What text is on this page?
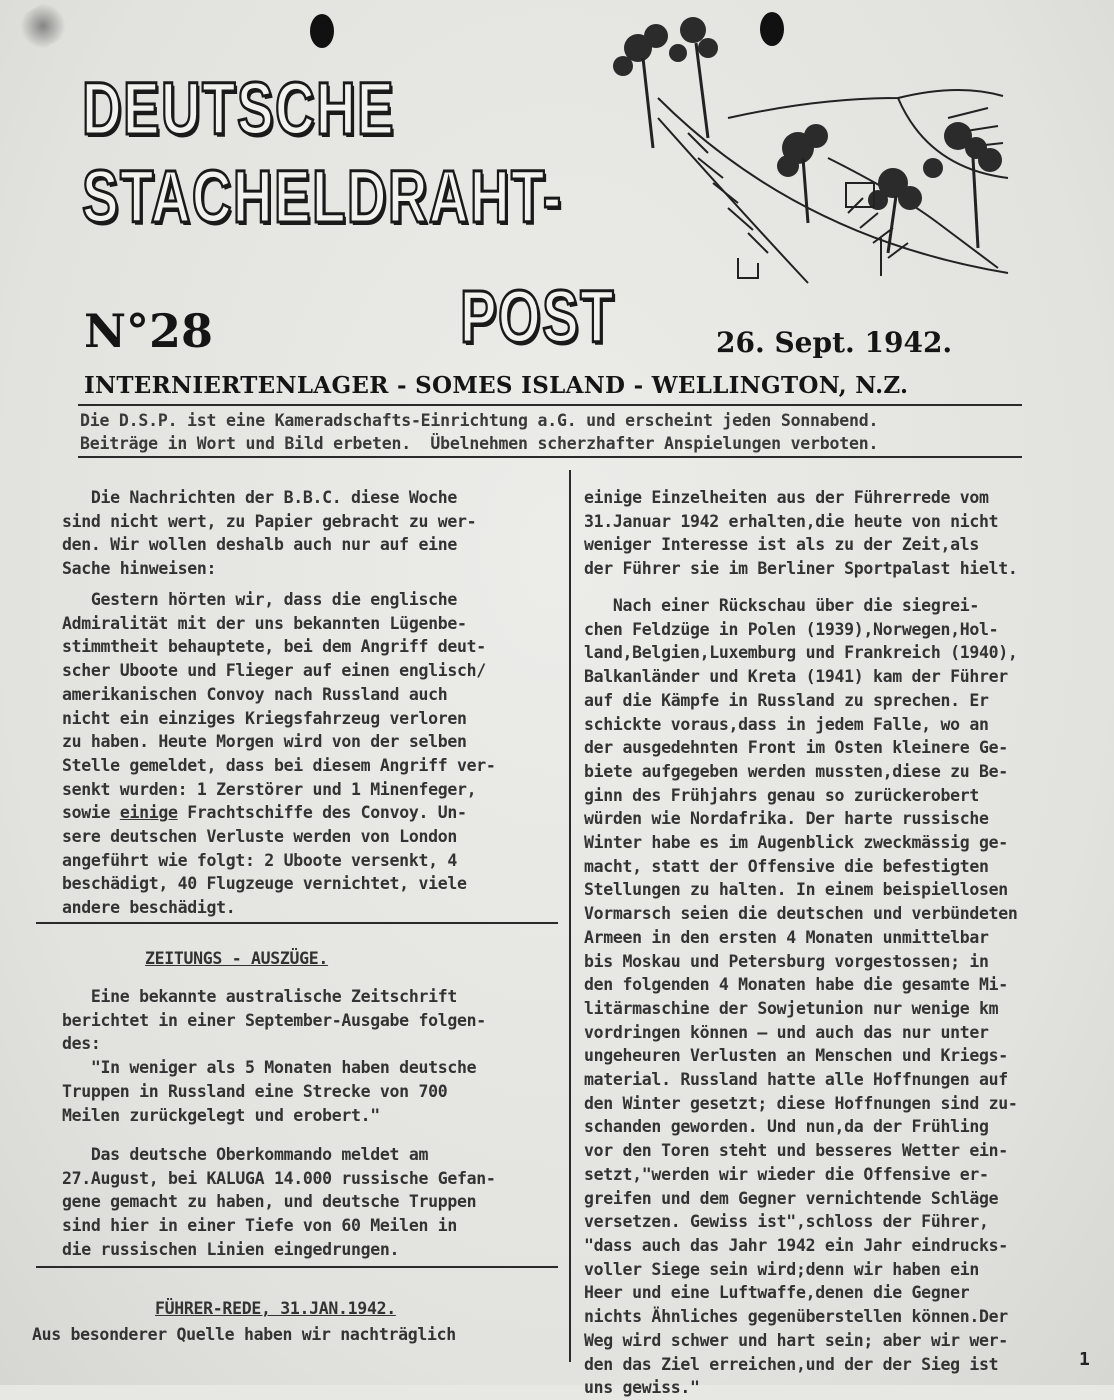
DEUTSCHE
STACHELDRAHT-
POST
N°28	26. Sept. 1942.
INTERNIERTENLAGER - SOMES ISLAND - WELLINGTON, N.Z.
Die D.S.P. ist eine Kameradschafts-Einrichtung a.G. und erscheint jeden Sonnabend.
Beiträge in Wort und Bild erbeten.  Übelnehmen scherzhafter Anspielungen verboten.
Die Nachrichten der B.B.C. diese Woche
sind nicht wert, zu Papier gebracht zu wer-
den. Wir wollen deshalb auch nur auf eine
Sache hinweisen:
Gestern hörten wir, dass die englische
Admiralität mit der uns bekannten Lügenbe-
stimmtheit behauptete, bei dem Angriff deut-
scher Uboote und Flieger auf einen englisch/
amerikanischen Convoy nach Russland auch
nicht ein einziges Kriegsfahrzeug verloren
zu haben. Heute Morgen wird von der selben
Stelle gemeldet, dass bei diesem Angriff ver-
senkt wurden: 1 Zerstörer und 1 Minenfeger,
sowie einige Frachtschiffe des Convoy. Un-
sere deutschen Verluste werden von London
angeführt wie folgt: 2 Uboote versenkt, 4
beschädigt, 40 Flugzeuge vernichtet, viele
andere beschädigt.
ZEITUNGS - AUSZÜGE.
Eine bekannte australische Zeitschrift
berichtet in einer September-Ausgabe folgen-
des:
"In weniger als 5 Monaten haben deutsche
Truppen in Russland eine Strecke von 700
Meilen zurückgelegt und erobert."
Das deutsche Oberkommando meldet am
27.August, bei KALUGA 14.000 russische Gefan-
gene gemacht zu haben, und deutsche Truppen
sind hier in einer Tiefe von 60 Meilen in
die russischen Linien eingedrungen.
FÜHRER-REDE, 31.JAN.1942.
Aus besonderer Quelle haben wir nachträglich
einige Einzelheiten aus der Führerrede vom
31.Januar 1942 erhalten,die heute von nicht
weniger Interesse ist als zu der Zeit,als
der Führer sie im Berliner Sportpalast hielt.
Nach einer Rückschau über die siegrei-
chen Feldzüge in Polen (1939),Norwegen,Hol-
land,Belgien,Luxemburg und Frankreich (1940),
Balkanländer und Kreta (1941) kam der Führer
auf die Kämpfe in Russland zu sprechen. Er
schickte voraus,dass in jedem Falle, wo an
der ausgedehnten Front im Osten kleinere Ge-
biete aufgegeben werden mussten,diese zu Be-
ginn des Frühjahrs genau so zurückerobert
würden wie Nordafrika. Der harte russische
Winter habe es im Augenblick zweckmässig ge-
macht, statt der Offensive die befestigten
Stellungen zu halten. In einem beispiellosen
Vormarsch seien die deutschen und verbündeten
Armeen in den ersten 4 Monaten unmittelbar
bis Moskau und Petersburg vorgestossen; in
den folgenden 4 Monaten habe die gesamte Mi-
litärmaschine der Sowjetunion nur wenige km
vordringen können — und auch das nur unter
ungeheuren Verlusten an Menschen und Kriegs-
material. Russland hatte alle Hoffnungen auf
den Winter gesetzt; diese Hoffnungen sind zu-
schanden geworden. Und nun,da der Frühling
vor den Toren steht und besseres Wetter ein-
setzt,"werden wir wieder die Offensive er-
greifen und dem Gegner vernichtende Schläge
versetzen. Gewiss ist",schloss der Führer,
"dass auch das Jahr 1942 ein Jahr eindrucks-
voller Siege sein wird;denn wir haben ein
Heer und eine Luftwaffe,denen die Gegner
nichts Ähnliches gegenüberstellen können.Der
Weg wird schwer und hart sein; aber wir wer-
den das Ziel erreichen,und der der Sieg ist
uns gewiss."
1
